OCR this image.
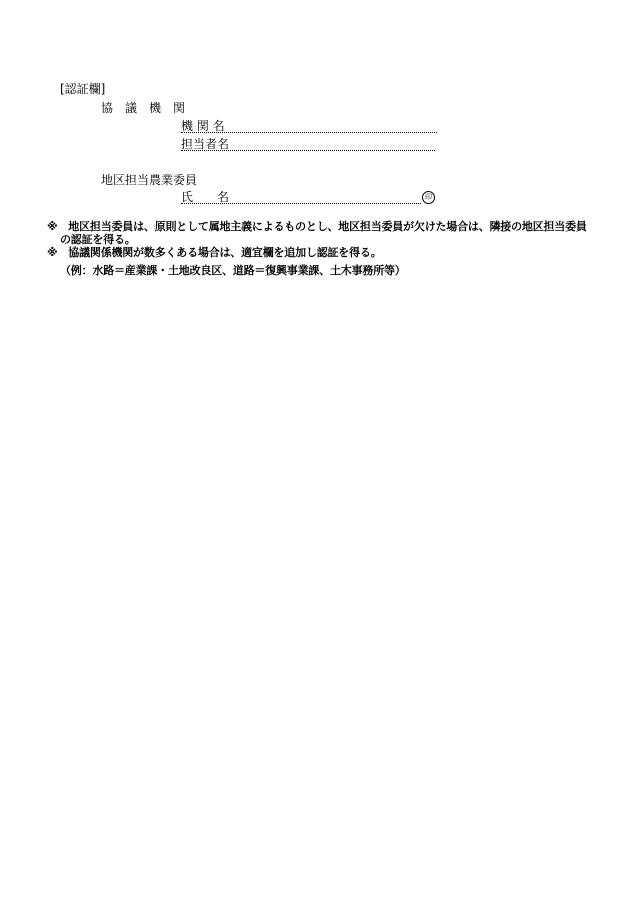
[認証欄]
協　議　機　関
機 関 名
担当者名
地区担当農業委員
氏　　名	印
※　地区担当委員は、原則として属地主義によるものとし、地区担当委員が欠けた場合は、隣接の地区担当委員
の認証を得る。
※　協議関係機関が数多くある場合は、適宜欄を追加し認証を得る。
（例：水路＝産業課・土地改良区、道路＝復興事業課、土木事務所等）
